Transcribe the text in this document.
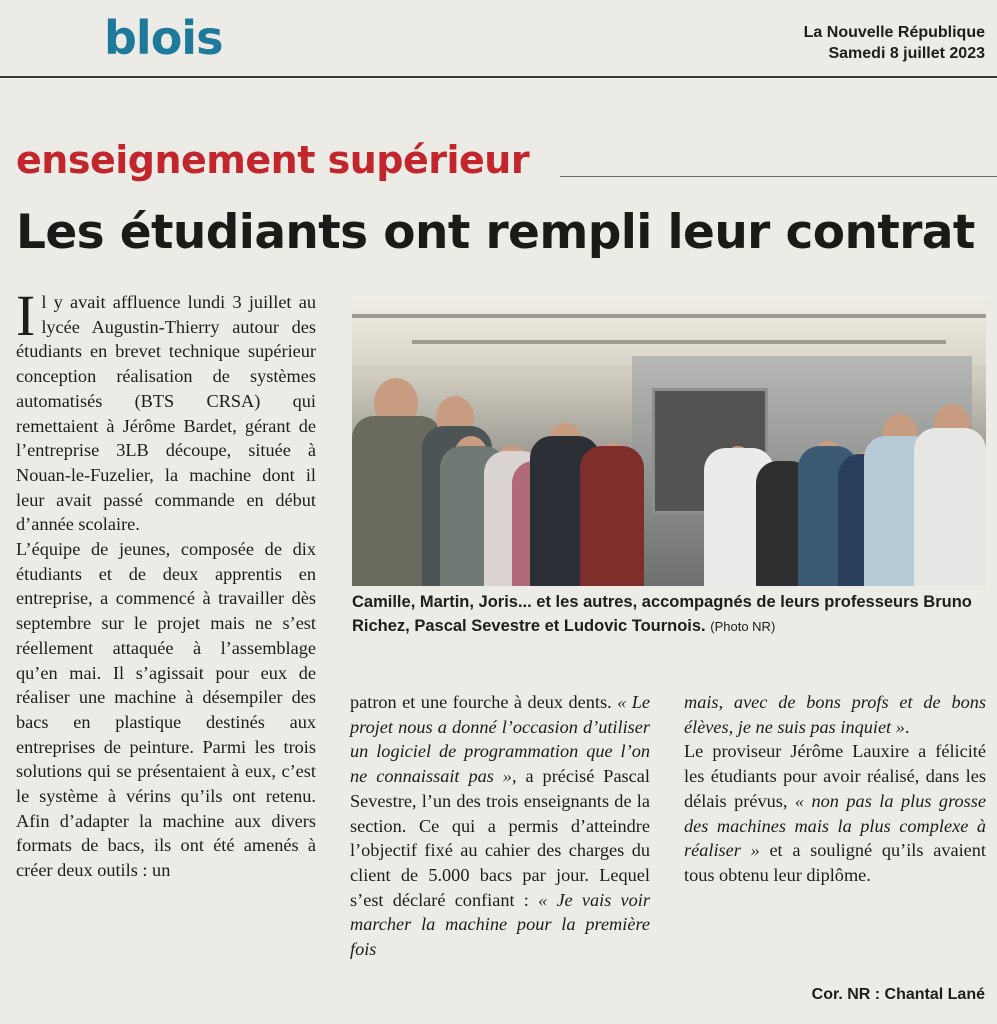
blois	La Nouvelle République
Samedi 8 juillet 2023
enseignement supérieur
Les étudiants ont rempli leur contrat

Il y avait affluence lundi 3 juillet au lycée Augustin-Thierry autour des étudiants en brevet technique supérieur conception réalisation de systèmes automatisés (BTS CRSA) qui remettaient à Jérôme Bardet, gérant de l’entreprise 3LB découpe, située à Nouan-le-Fuzelier, la machine dont il leur avait passé commande en début d’année scolaire.

L’équipe de jeunes, composée de dix étudiants et de deux apprentis en entreprise, a commencé à travailler dès septembre sur le projet mais ne s’est réellement attaquée à l’assemblage qu’en mai. Il s’agissait pour eux de réaliser une machine à désempiler des bacs en plastique destinés aux entreprises de peinture. Parmi les trois solutions qui se présentaient à eux, c’est le système à vérins qu’ils ont retenu. Afin d’adapter la machine aux divers formats de bacs, ils ont été amenés à créer deux outils : un

Camille, Martin, Joris... et les autres, accompagnés de leurs professeurs Bruno Richez, Pascal Sevestre et Ludovic Tournois. (Photo NR)

patron et une fourche à deux dents. « Le projet nous a donné l’occasion d’utiliser un logiciel de programmation que l’on ne connaissait pas », a précisé Pascal Sevestre, l’un des trois enseignants de la section. Ce qui a permis d’atteindre l’objectif fixé au cahier des charges du client de 5.000 bacs par jour. Lequel s’est déclaré confiant : « Je vais voir marcher la machine pour la première fois

mais, avec de bons profs et de bons élèves, je ne suis pas inquiet ».

Le proviseur Jérôme Lauxire a félicité les étudiants pour avoir réalisé, dans les délais prévus, « non pas la plus grosse des machines mais la plus complexe à réaliser » et a souligné qu’ils avaient tous obtenu leur diplôme.

Cor. NR : Chantal Lané
